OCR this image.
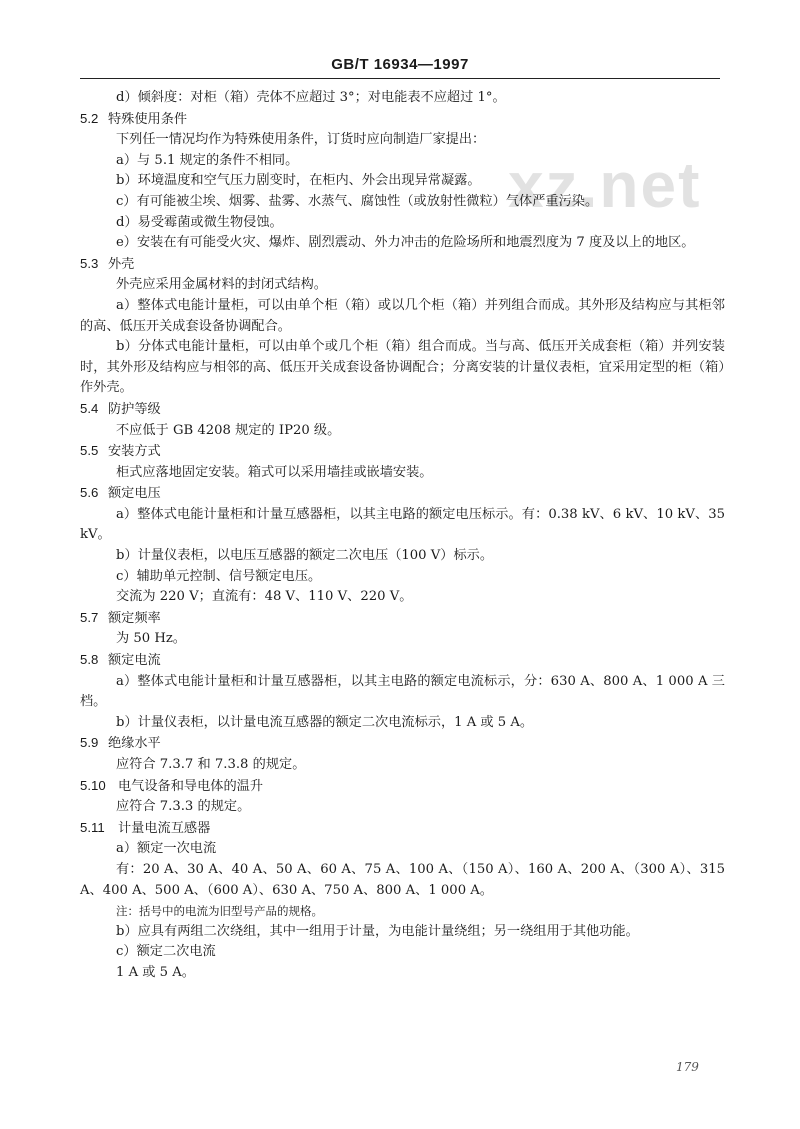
GB/T 16934—1997
xz.net
d）倾斜度：对柜（箱）壳体不应超过 3°；对电能表不应超过 1°。
5.2 特殊使用条件
下列任一情况均作为特殊使用条件，订货时应向制造厂家提出：
a）与 5.1 规定的条件不相同。
b）环境温度和空气压力剧变时，在柜内、外会出现异常凝露。
c）有可能被尘埃、烟雾、盐雾、水蒸气、腐蚀性（或放射性微粒）气体严重污染。
d）易受霉菌或微生物侵蚀。
e）安装在有可能受火灾、爆炸、剧烈震动、外力冲击的危险场所和地震烈度为 7 度及以上的地区。
5.3 外壳
外壳应采用金属材料的封闭式结构。
a）整体式电能计量柜，可以由单个柜（箱）或以几个柜（箱）并列组合而成。其外形及结构应与其柜邻的高、低压开关成套设备协调配合。
b）分体式电能计量柜，可以由单个或几个柜（箱）组合而成。当与高、低压开关成套柜（箱）并列安装时，其外形及结构应与相邻的高、低压开关成套设备协调配合；分离安装的计量仪表柜，宜采用定型的柜（箱）作外壳。
5.4 防护等级
不应低于 GB 4208 规定的 IP20 级。
5.5 安装方式
柜式应落地固定安装。箱式可以采用墙挂或嵌墙安装。
5.6 额定电压
a）整体式电能计量柜和计量互感器柜，以其主电路的额定电压标示。有：0.38 kV、6 kV、10 kV、35 kV。
b）计量仪表柜，以电压互感器的额定二次电压（100 V）标示。
c）辅助单元控制、信号额定电压。
交流为 220 V；直流有：48 V、110 V、220 V。
5.7 额定频率
为 50 Hz。
5.8 额定电流
a）整体式电能计量柜和计量互感器柜，以其主电路的额定电流标示，分：630 A、800 A、1 000 A 三档。
b）计量仪表柜，以计量电流互感器的额定二次电流标示，1 A 或 5 A。
5.9 绝缘水平
应符合 7.3.7 和 7.3.8 的规定。
5.10 电气设备和导电体的温升
应符合 7.3.3 的规定。
5.11 计量电流互感器
a）额定一次电流
有：20 A、30 A、40 A、50 A、60 A、75 A、100 A、（150 A）、160 A、200 A、（300 A）、315 A、400 A、500 A、（600 A）、630 A、750 A、800 A、1 000 A。
注：括号中的电流为旧型号产品的规格。
b）应具有两组二次绕组，其中一组用于计量，为电能计量绕组；另一绕组用于其他功能。
c）额定二次电流
1 A 或 5 A。
179
